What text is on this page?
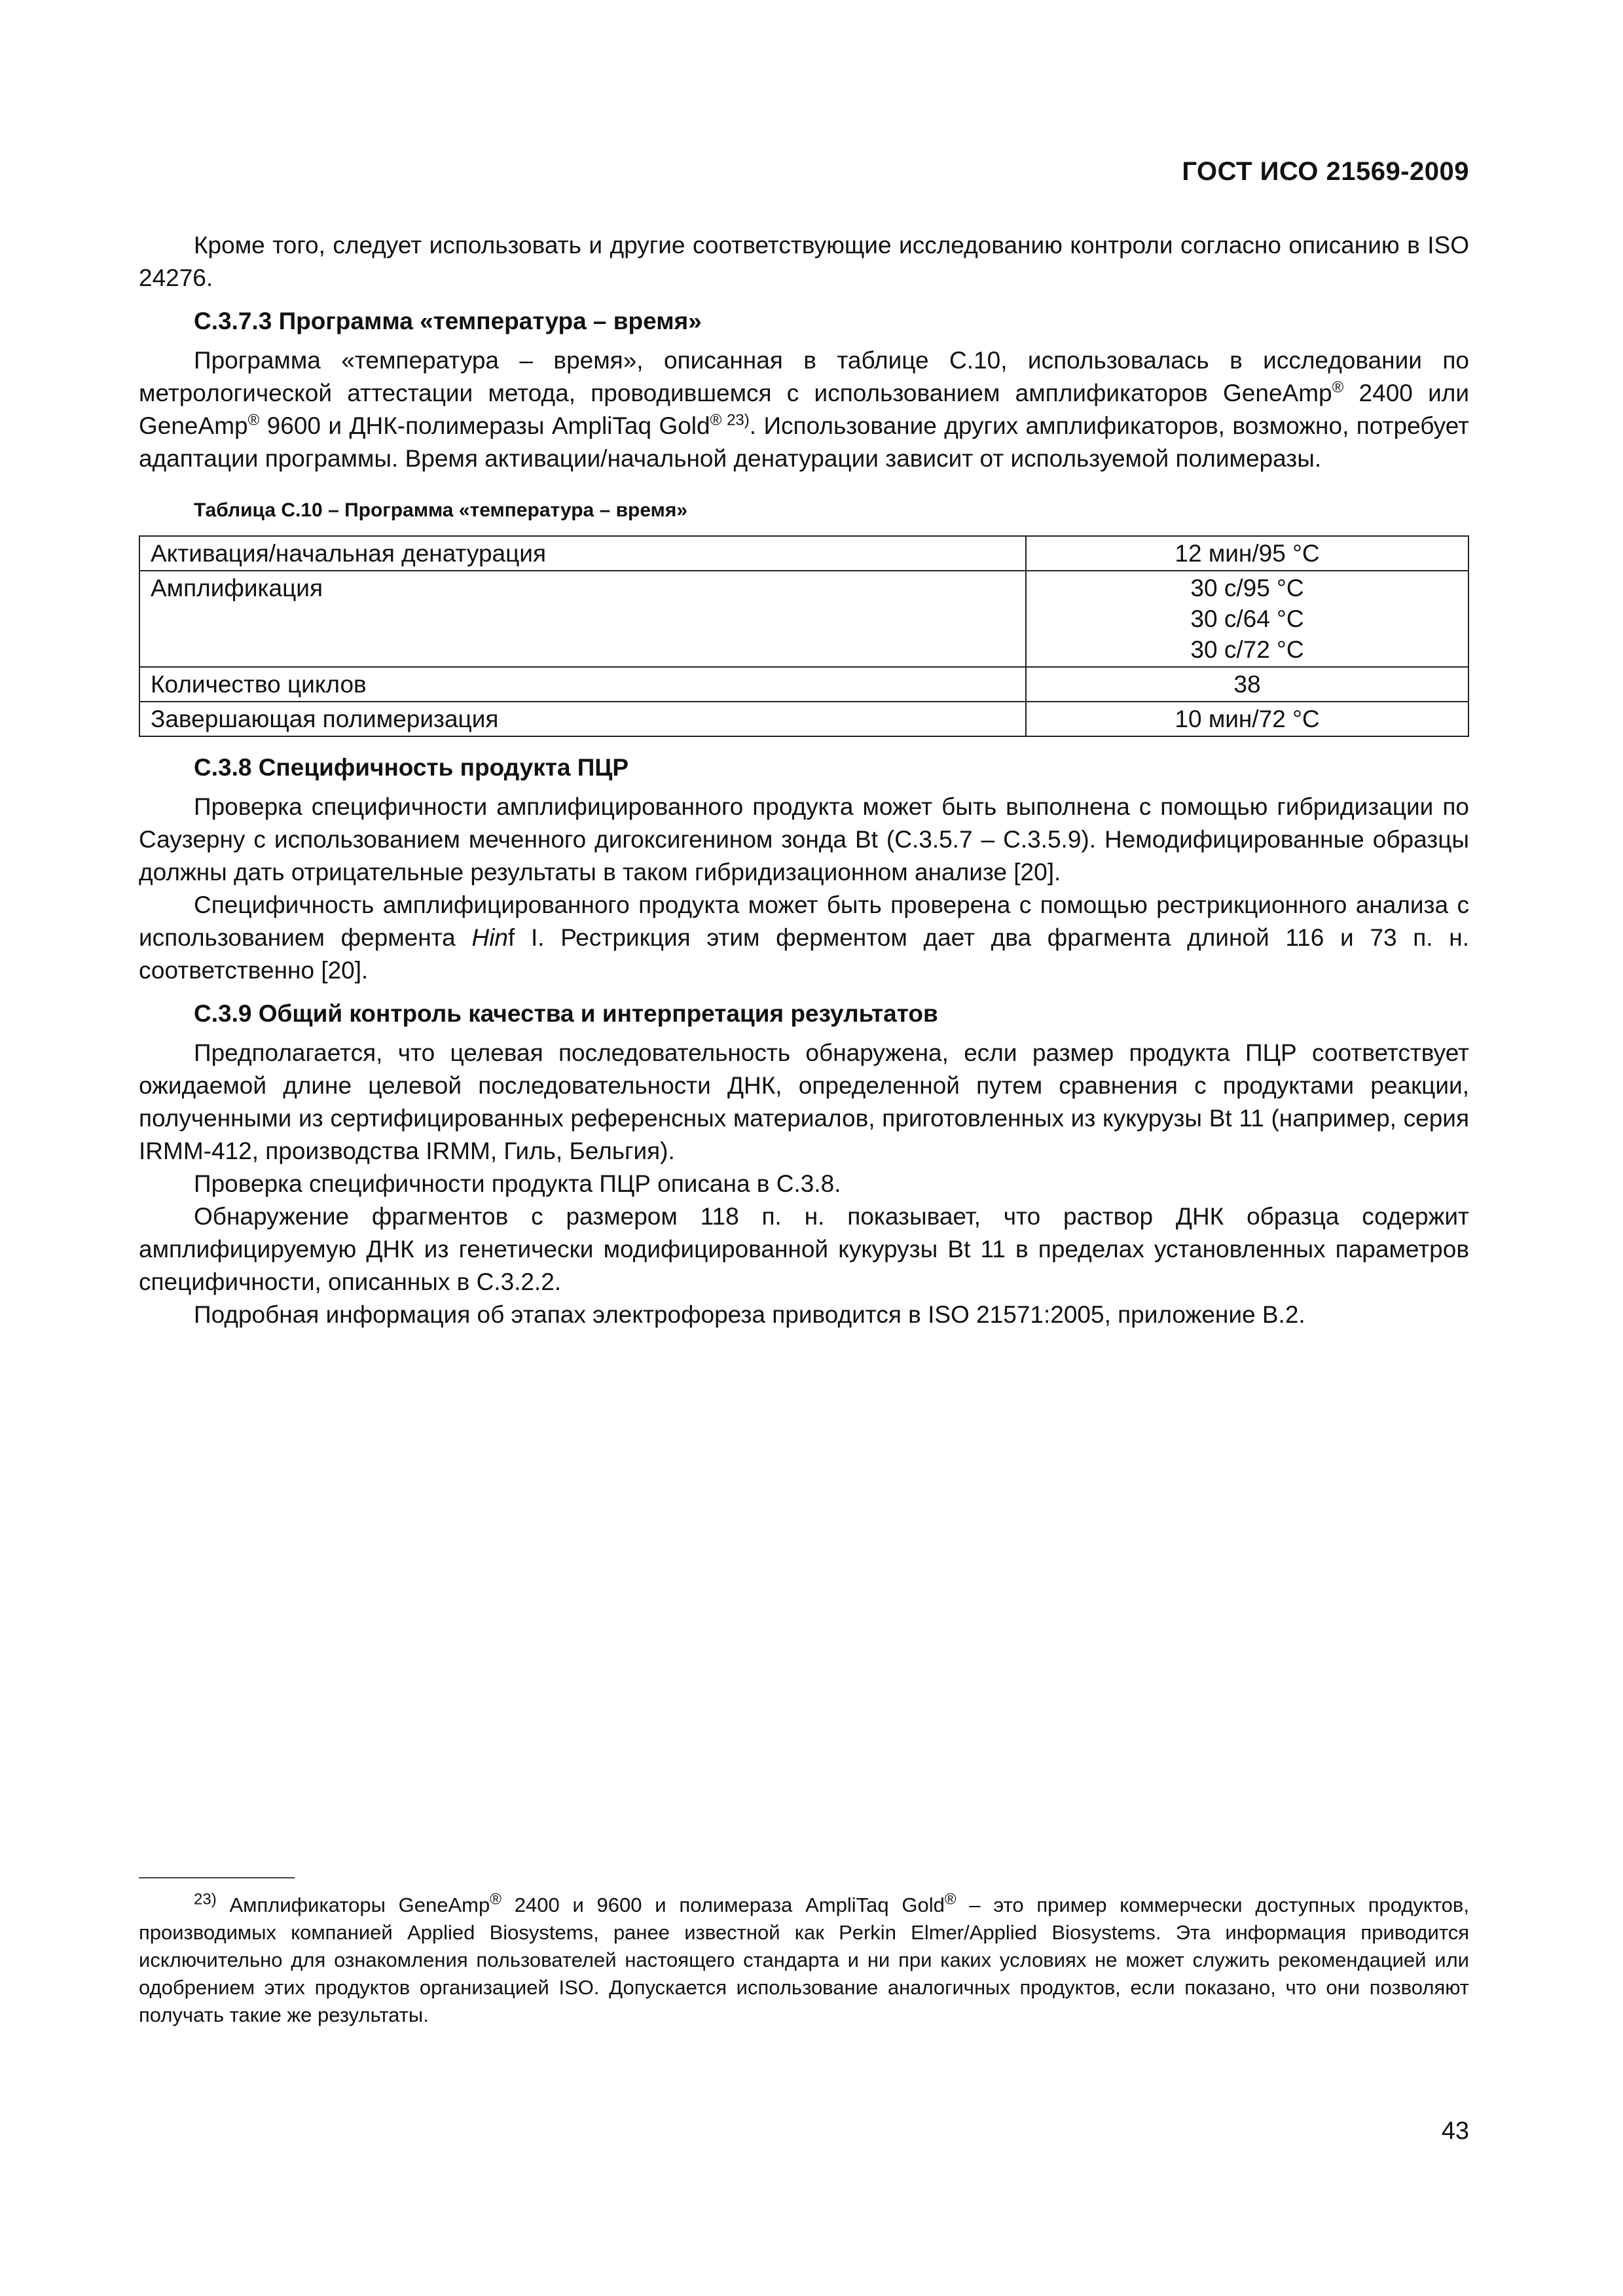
ГОСТ ИСО 21569-2009

Кроме того, следует использовать и другие соответствующие исследованию контроли согласно описанию в ISO 24276.

C.3.7.3 Программа «температура – время»

Программа «температура – время», описанная в таблице С.10, использовалась в исследовании по метрологической аттестации метода, проводившемся с использованием амплификаторов GeneAmp® 2400 или GeneAmp® 9600 и ДНК-полимеразы AmpliTaq Gold$^{® 23)}$. Использование других амплификаторов, возможно, потребует адаптации программы. Время активации/начальной денатурации зависит от используемой полимеразы.

Таблица С.10 – Программа «температура – время»
Активация/начальная денатурация	12 мин/95 °С
Амплификация	30 с/95 °С
30 с/64 °С
30 с/72 °С

Количество циклов	38
Завершающая полимеризация	10 мин/72 °С
С.3.8 Специфичность продукта ПЦР

Проверка специфичности амплифицированного продукта может быть выполнена с помощью гибридизации по Саузерну с использованием меченного дигоксигенином зонда Bt (С.3.5.7 – С.3.5.9). Немодифицированные образцы должны дать отрицательные результаты в таком гибридизационном анализе [20].

Специфичность амплифицированного продукта может быть проверена с помощью рестрикционного анализа с использованием фермента Hinf I. Рестрикция этим ферментом дает два фрагмента длиной 116 и 73 п. н. соответственно [20].

С.3.9 Общий контроль качества и интерпретация результатов

Предполагается, что целевая последовательность обнаружена, если размер продукта ПЦР соответствует ожидаемой длине целевой последовательности ДНК, определенной путем сравнения с продуктами реакции, полученными из сертифицированных референсных материалов, приготовленных из кукурузы Bt 11 (например, серия IRMM-412, производства IRMM, Гиль, Бельгия).

Проверка специфичности продукта ПЦР описана в С.3.8.

Обнаружение фрагментов с размером 118 п. н. показывает, что раствор ДНК образца содержит амплифицируемую ДНК из генетически модифицированной кукурузы Bt 11 в пределах установленных параметров специфичности, описанных в С.3.2.2.

Подробная информация об этапах электрофореза приводится в ISO 21571:2005, приложение В.2.

$^{23)}$ Амплификаторы GeneAmp® 2400 и 9600 и полимераза AmpliTaq Gold® – это пример коммерчески доступных продуктов, производимых компанией Applied Biosystems, ранее известной как Perkin Elmer/Applied Biosystems. Эта информация приводится исключительно для ознакомления пользователей настоящего стандарта и ни при каких условиях не может служить рекомендацией или одобрением этих продуктов организацией ISO. Допускается использование аналогичных продуктов, если показано, что они позволяют получать такие же результаты.
43
